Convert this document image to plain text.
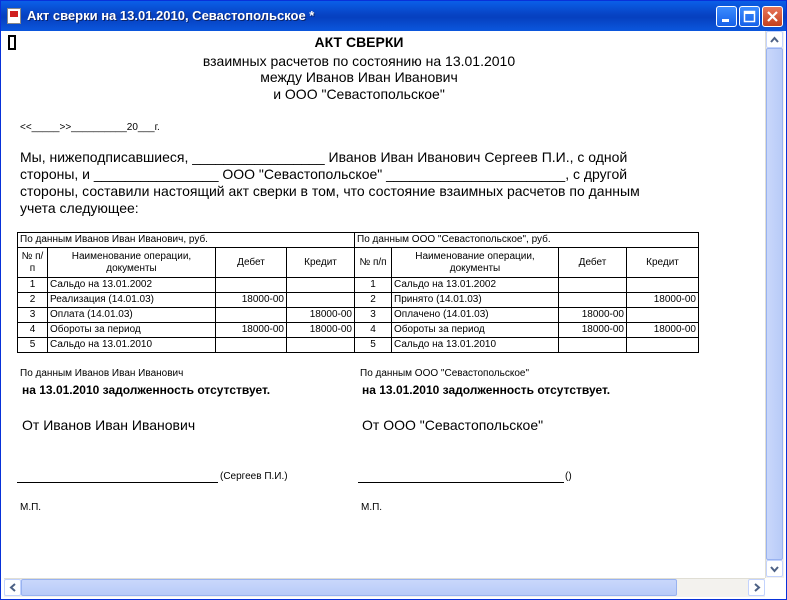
Акт сверки на 13.01.2010, Севастопольское *
АКТ СВЕРКИ
взаимных расчетов по состоянию на 13.01.2010
между Иванов Иван Иванович
и ООО "Севастопольское"
<<_____>>__________20___г.
Мы, нижеподписавшиеся, _________________ Иванов Иван Иванович Сергеев П.И., с одной
стороны, и ________________ ООО "Севастопольское" _______________________, с другой
стороны, составили настоящий акт сверки в том, что состояние взаимных расчетов по данным
учета следующее:
По данным Иванов Иван Иванович, руб.				По данным ООО "Севастопольское", руб.			
№ п/п	Наименование операции, документы	Дебет	Кредит	№ п/п	Наименование операции, документы	Дебет	Кредит
1	Сальдо на 13.01.2002			1	Сальдо на 13.01.2002		
2	Реализация (14.01.03)	18000-00		2	Принято (14.01.03)		18000-00
3	Оплата (14.01.03)		18000-00	3	Оплачено (14.01.03)	18000-00	
4	Обороты за период	18000-00	18000-00	4	Обороты за период	18000-00	18000-00
5	Сальдо на 13.01.2010			5	Сальдо на 13.01.2010		
По данным Иванов Иван Иванович
на 13.01.2010 задолженность отсутствует.
По данным ООО "Севастопольское"
на 13.01.2010 задолженность отсутствует.
От Иванов Иван Иванович	От ООО "Севастопольское"
(Сергеев П.И.)	()
М.П.	М.П.
